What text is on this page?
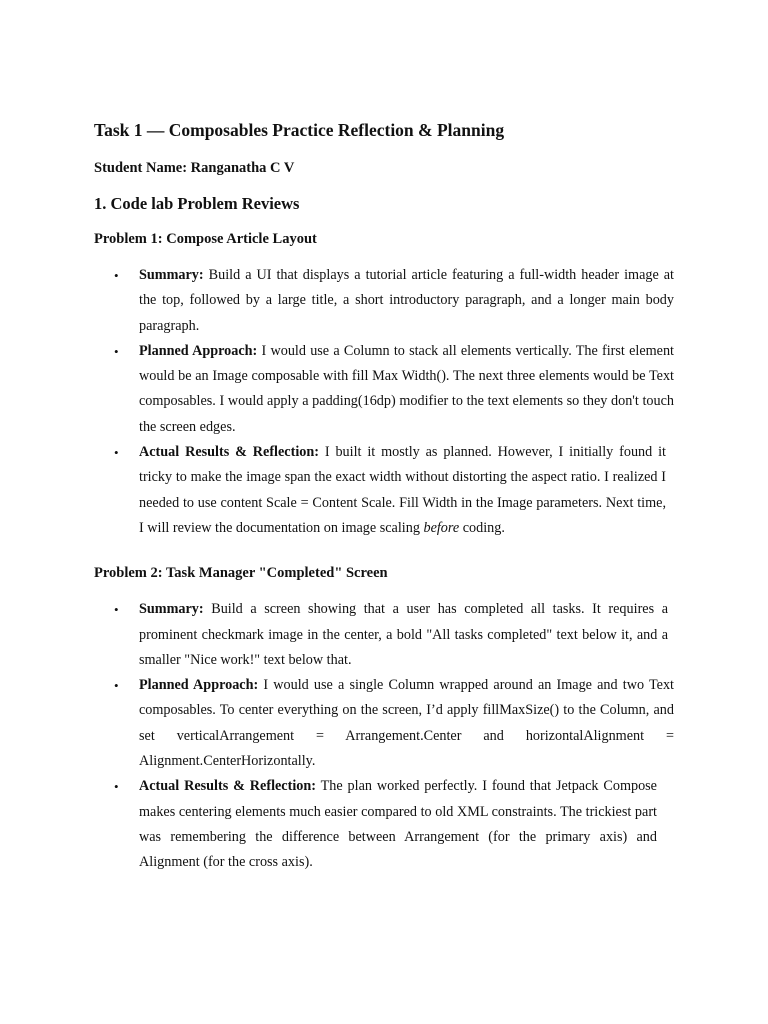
Task 1 — Composables Practice Reflection & Planning

Student Name: Ranganatha C V

1. Code lab Problem Reviews
Problem 1: Compose Article Layout
• Summary: Build a UI that displays a tutorial article featuring a full-width header image at the top, followed by a large title, a short introductory paragraph, and a longer main body paragraph.
• Planned Approach: I would use a Column to stack all elements vertically. The first element would be an Image composable with fill Max Width(). The next three elements would be Text composables. I would apply a padding(16dp) modifier to the text elements so they don't touch the screen edges.
• Actual Results & Reflection: I built it mostly as planned. However, I initially found it tricky to make the image span the exact width without distorting the aspect ratio. I realized I needed to use content Scale = Content Scale. Fill Width in the Image parameters. Next time, I will review the documentation on image scaling before coding.
Problem 2: Task Manager "Completed" Screen
• Summary: Build a screen showing that a user has completed all tasks. It requires a prominent checkmark image in the center, a bold "All tasks completed" text below it, and a smaller "Nice work!" text below that.
• Planned Approach: I would use a single Column wrapped around an Image and two Text composables. To center everything on the screen, I’d apply fillMaxSize() to the Column, and set verticalArrangement = Arrangement.Center and horizontalAlignment = Alignment.CenterHorizontally.
• Actual Results & Reflection: The plan worked perfectly. I found that Jetpack Compose makes centering elements much easier compared to old XML constraints. The trickiest part was remembering the difference between Arrangement (for the primary axis) and Alignment (for the cross axis).
